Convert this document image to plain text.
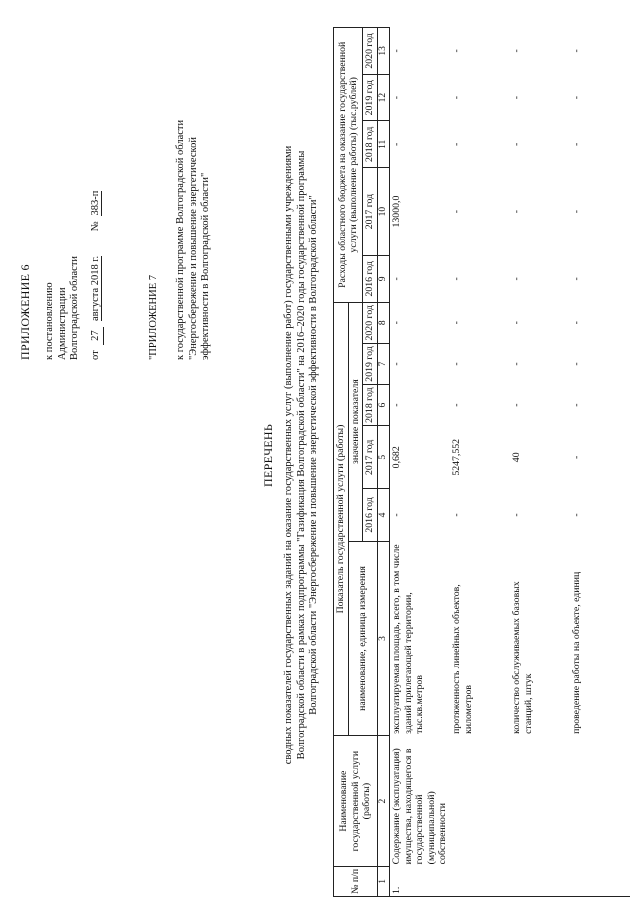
ПРИЛОЖЕНИЕ 6 к постановлению Администрации Волгоградской области от 27 августа 2018 г. № 383-п
"ПРИЛОЖЕНИЕ 7 к государственной программе Волгоградской области "Энергосбережение и повышение энергетической эффективности в Волгоградской области"
ПЕРЕЧЕНЬ сводных показателей государственных заданий на оказание государственных услуг (выполнение работ) государственными учреждениями Волгоградской области в рамках подпрограммы "Газификация Волгоградской области" на 2016–2020 годы государственной программы Волгоградской области "Энергосбережение и повышение энергетической эффективности в Волгоградской области"
№ п/п	Наименование государственной услуги (работы)	Показатель государственной услуги (работы)						Расходы областного бюджета на оказание государственной услуги (выполнение работы) (тыс.рублей)				
		наименование, единица измерения	значение показателя									
			2016 год	2017 год	2018 год	2019 год	2020 год	2016 год	2017 год	2018 год	2019 год	2020 год
1	2	3	4	5	6	7	8	9	10	11	12	13
1.	Содержание (эксплуатация) имущества, находящегося в государственной (муниципальной) собственности	эксплуатируемая площадь, всего, в том числе зданий прилегающей территории, тыс.кв.метров	-	0,682	-	-	-	-	13000,0	-	-	-
		протяженность линейных объектов, километров	-	5247,552	-	-	-	-	-	-	-	-
		количество обслуживаемых базовых станций, штук	-	40	-	-	-	-	-	-	-	-
		проведение работы на объекте, единиц	-	-	-	-	-	-	-	-	-	-
